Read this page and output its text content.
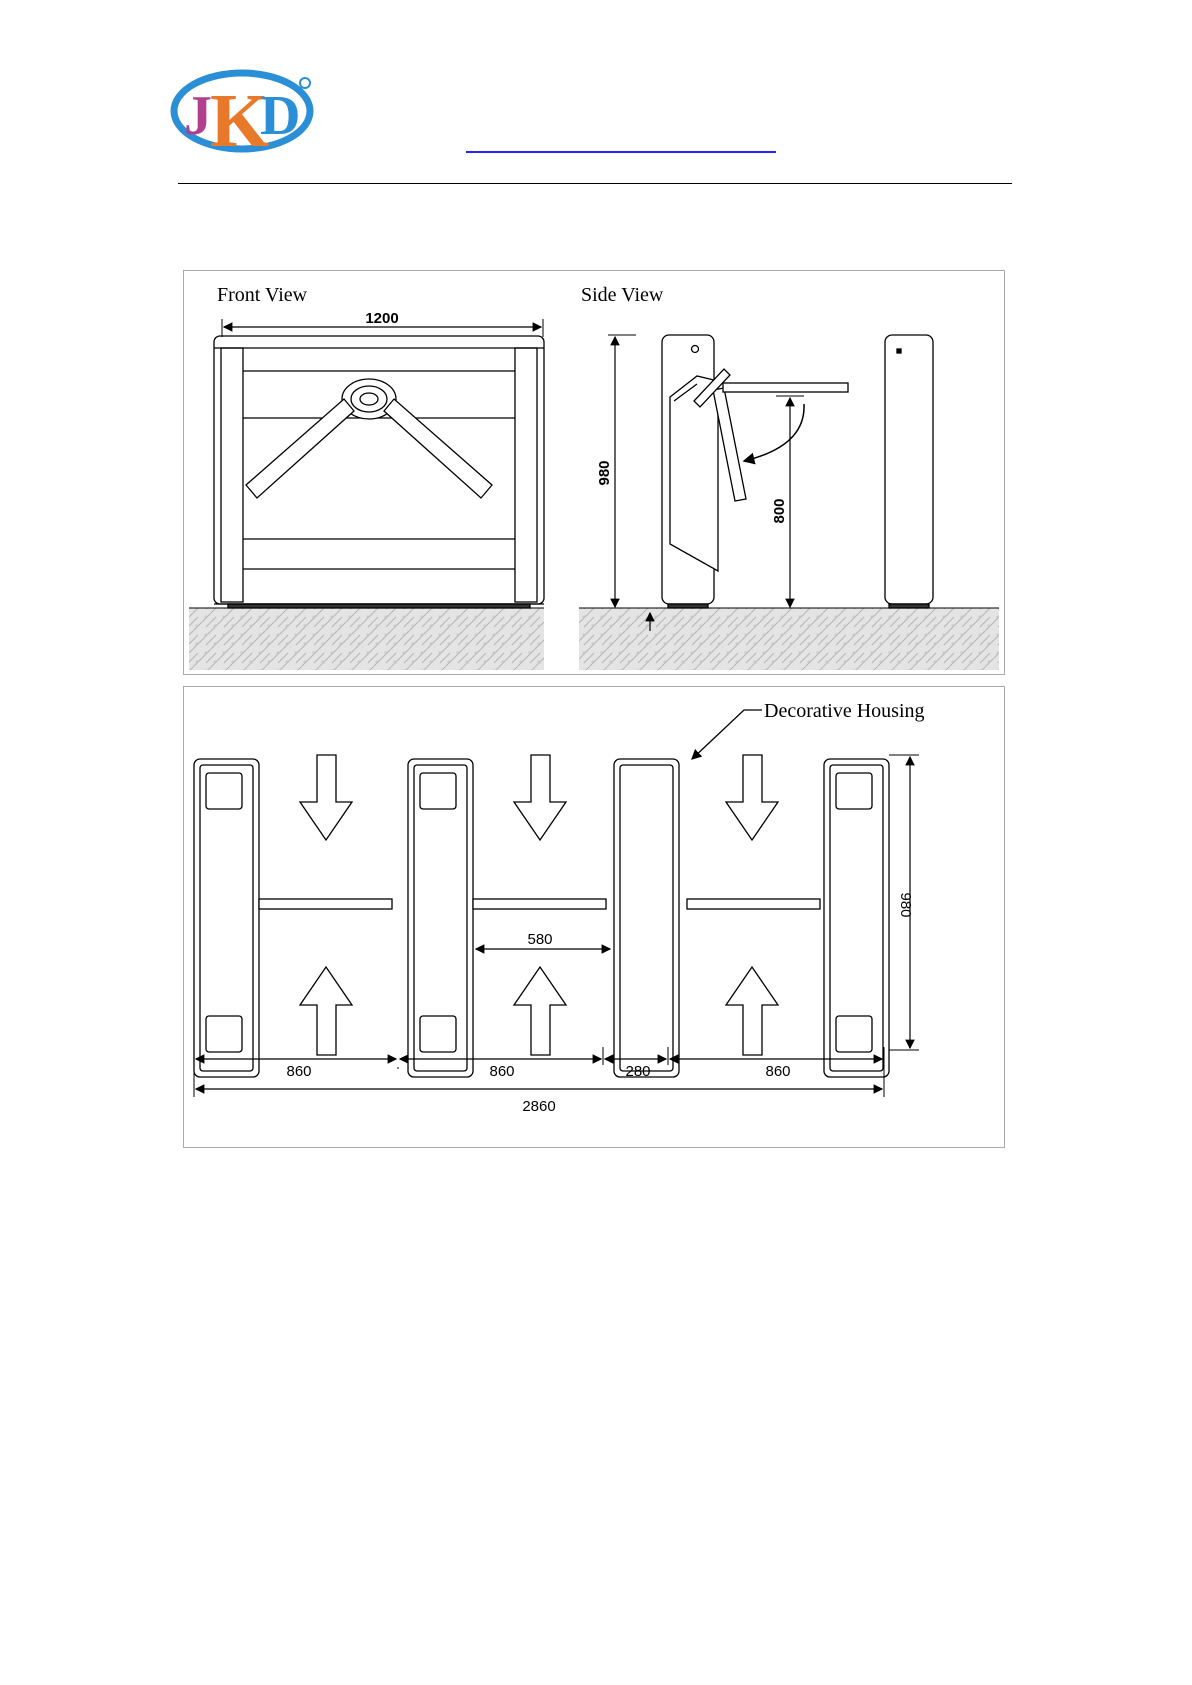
J
K
D
Front View
1200
Side View
980
800
Decorative Housing
580
980
860	860	280	860
2860
